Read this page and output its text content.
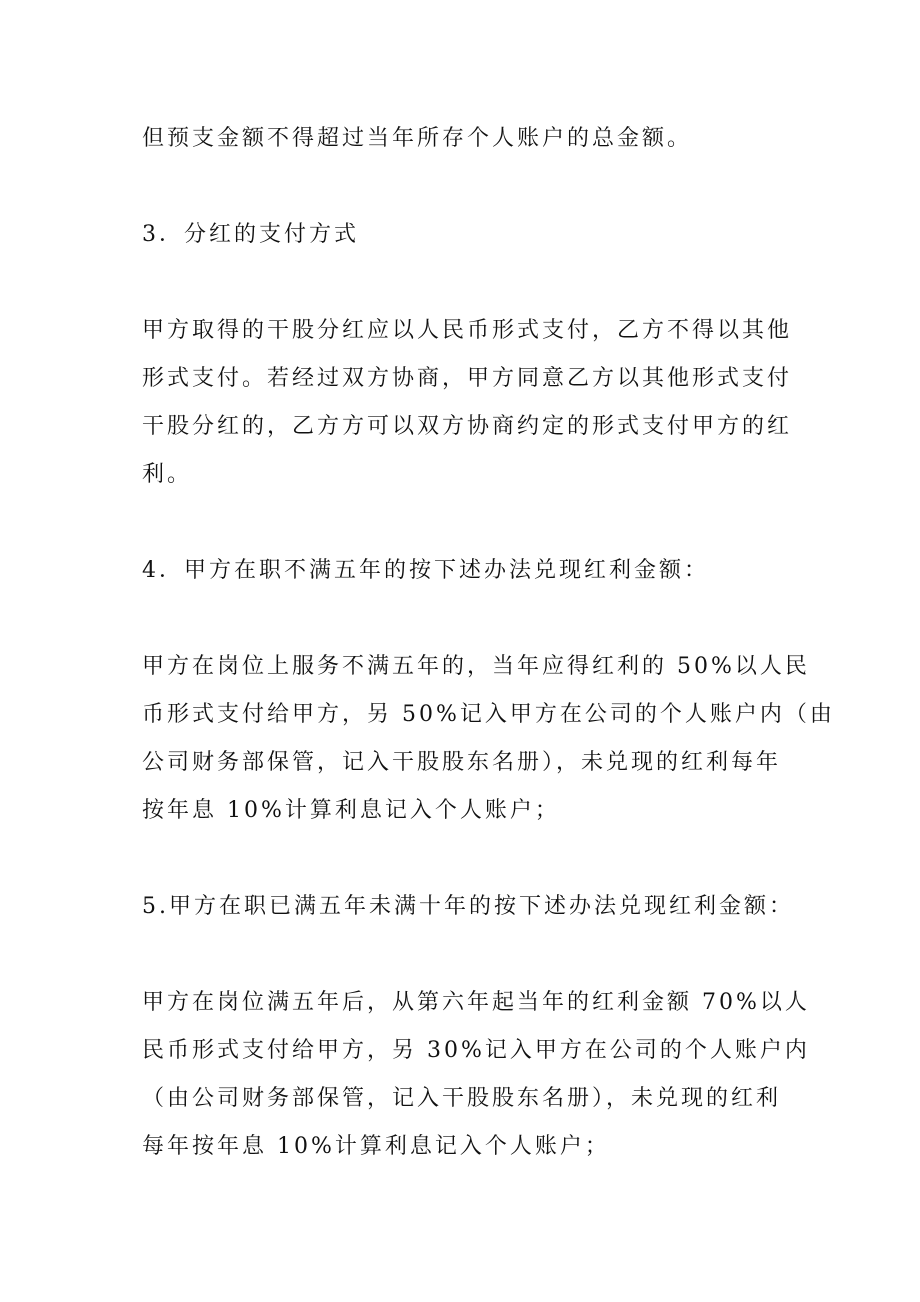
但预支金额不得超过当年所存个人账户的总金额。

3．分红的支付方式

甲方取得的干股分红应以人民币形式支付，乙方不得以其他
形式支付。若经过双方协商，甲方同意乙方以其他形式支付
干股分红的，乙方方可以双方协商约定的形式支付甲方的红
利。

4．甲方在职不满五年的按下述办法兑现红利金额：

甲方在岗位上服务不满五年的，当年应得红利的 50%以人民
币形式支付给甲方，另 50%记入甲方在公司的个人账户内（由
公司财务部保管，记入干股股东名册），未兑现的红利每年
按年息 10%计算利息记入个人账户；

5.甲方在职已满五年未满十年的按下述办法兑现红利金额：

甲方在岗位满五年后，从第六年起当年的红利金额 70%以人
民币形式支付给甲方，另 30%记入甲方在公司的个人账户内
（由公司财务部保管，记入干股股东名册），未兑现的红利
每年按年息 10%计算利息记入个人账户；
